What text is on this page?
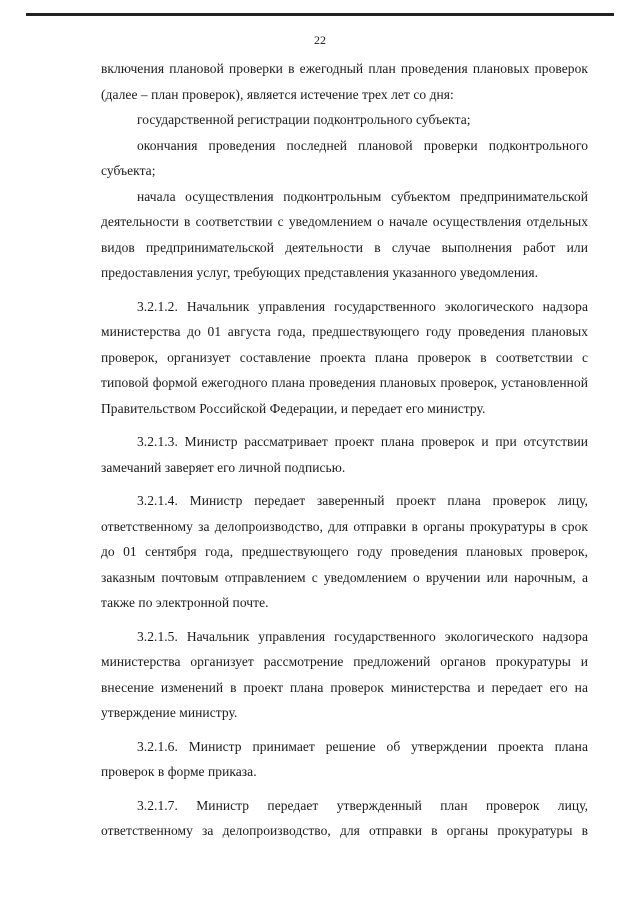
22

включения плановой проверки в ежегодный план проведения плановых проверок (далее – план проверок), является истечение трех лет со дня:

государственной регистрации подконтрольного субъекта;

окончания проведения последней плановой проверки подконтрольного субъекта;

начала осуществления подконтрольным субъектом предпринимательской деятельности в соответствии с уведомлением о начале осуществления отдельных видов предпринимательской деятельности в случае выполнения работ или предоставления услуг, требующих представления указанного уведомления.

3.2.1.2. Начальник управления государственного экологического надзора министерства до 01 августа года, предшествующего году проведения плановых проверок, организует составление проекта плана проверок в соответствии с типовой формой ежегодного плана проведения плановых проверок, установленной Правительством Российской Федерации, и передает его министру.

3.2.1.3. Министр рассматривает проект плана проверок и при отсутствии замечаний заверяет его личной подписью.

3.2.1.4. Министр передает заверенный проект плана проверок лицу, ответственному за делопроизводство, для отправки в органы прокуратуры в срок до 01 сентября года, предшествующего году проведения плановых проверок, заказным почтовым отправлением с уведомлением о вручении или нарочным, а также по электронной почте.

3.2.1.5. Начальник управления государственного экологического надзора министерства организует рассмотрение предложений органов прокуратуры и внесение изменений в проект плана проверок министерства и передает его на утверждение министру.

3.2.1.6. Министр принимает решение об утверждении проекта плана проверок в форме приказа.

3.2.1.7. Министр передает утвержденный план проверок лицу, ответственному за делопроизводство, для отправки в органы прокуратуры в
